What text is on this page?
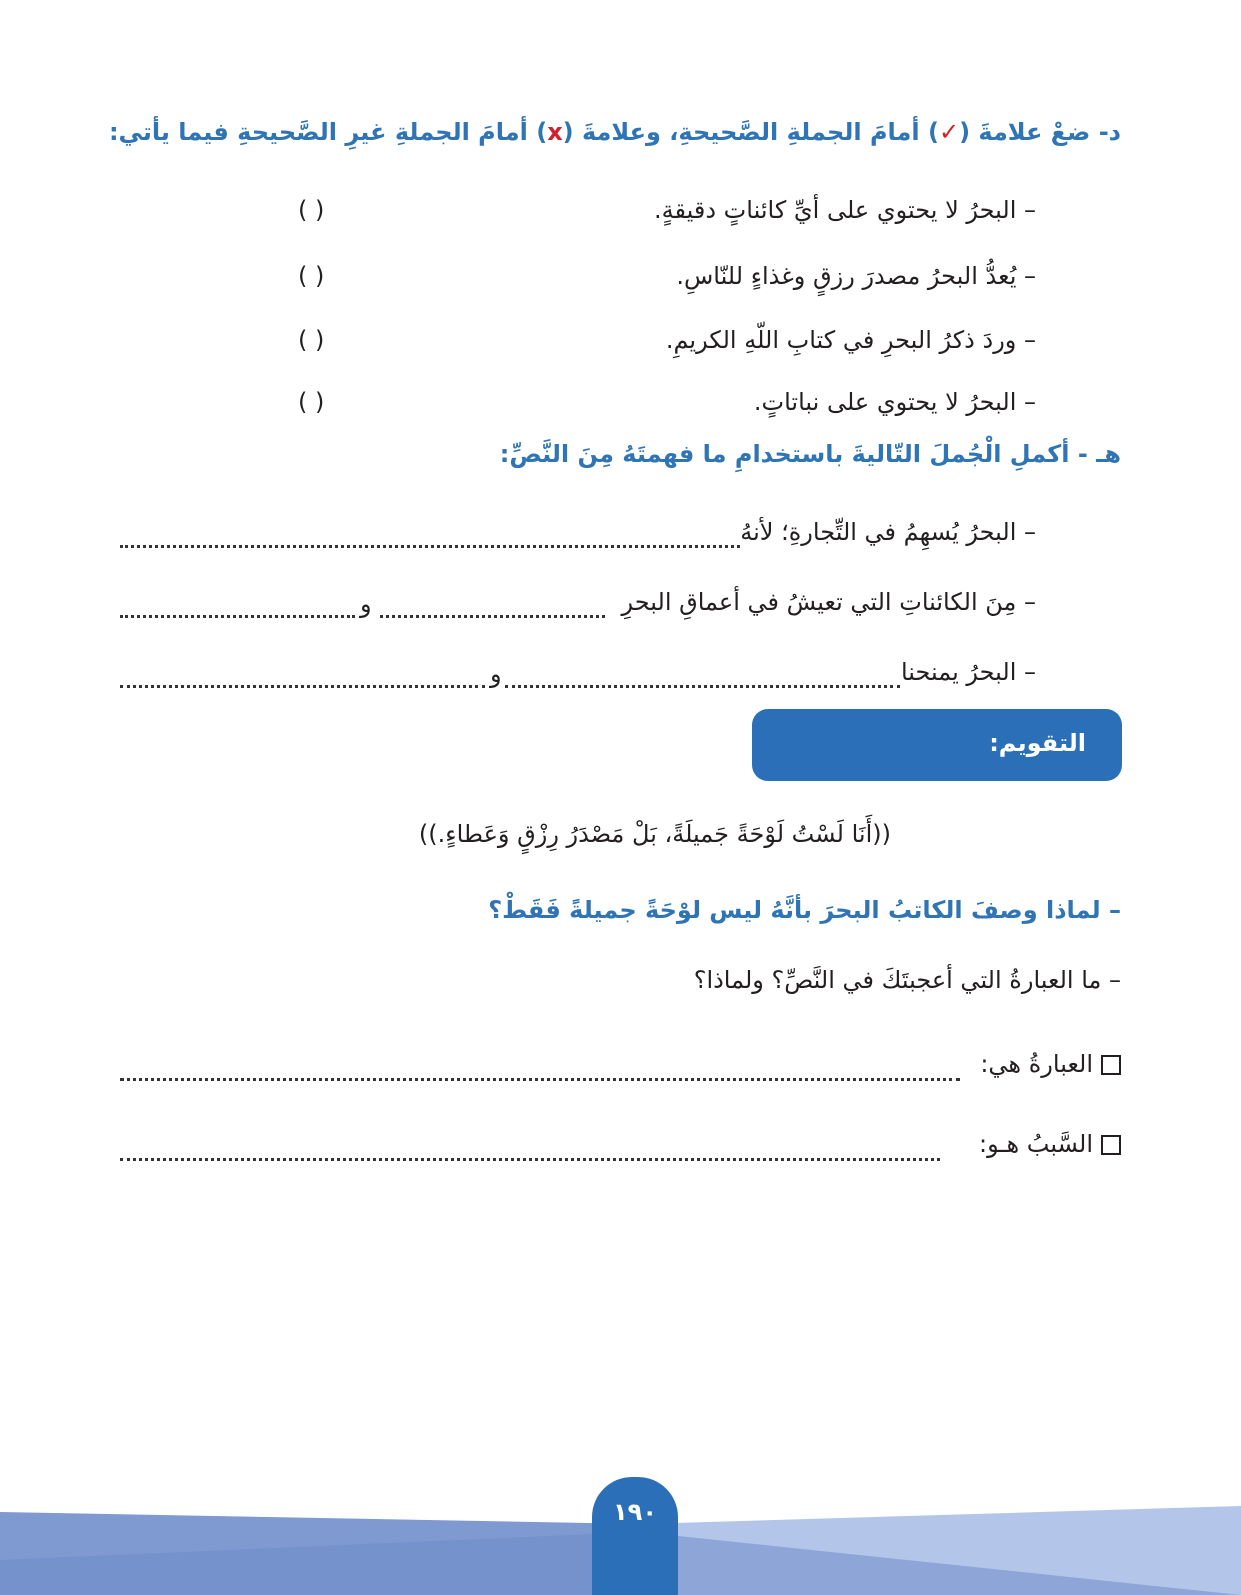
د- ضعْ علامةَ (✓) أمامَ الجملةِ الصَّحيحةِ، وعلامةَ (x) أمامَ الجملةِ غيرِ الصَّحيحةِ فيما يأتي:
– البحرُ لا يحتوي على أيِّ كائناتٍ دقيقةٍ.
( )
– يُعدُّ البحرُ مصدرَ رزقٍ وغذاءٍ للنّاسِ.
( )
– وردَ ذكرُ البحرِ في كتابِ اللّهِ الكريمِ.
( )
– البحرُ لا يحتوي على نباتاتٍ.
( )
هـ - أكملِ الْجُملَ التّاليةَ باستخدامِ ما فهمتَهُ مِنَ النَّصِّ:
– البحرُ يُسهِمُ في التِّجارةِ؛ لأنهُ
– مِنَ الكائناتِ التي تعيشُ في أعماقِ البحرِ
و
– البحرُ يمنحنا
و
التقويم:
((أَنَا لَسْتُ لَوْحَةً جَميلَةً، بَلْ مَصْدَرُ رِزْقٍ وَعَطاءٍ.))
– لماذا وصفَ الكاتبُ البحرَ بأنَّهُ ليس لوْحَةً جميلةً فَقَطْ؟
– ما العبارةُ التي أعجبتَكَ في النَّصِّ؟ ولماذا؟
العبارةُ هي:
السَّببُ هـو:
١٩٠
